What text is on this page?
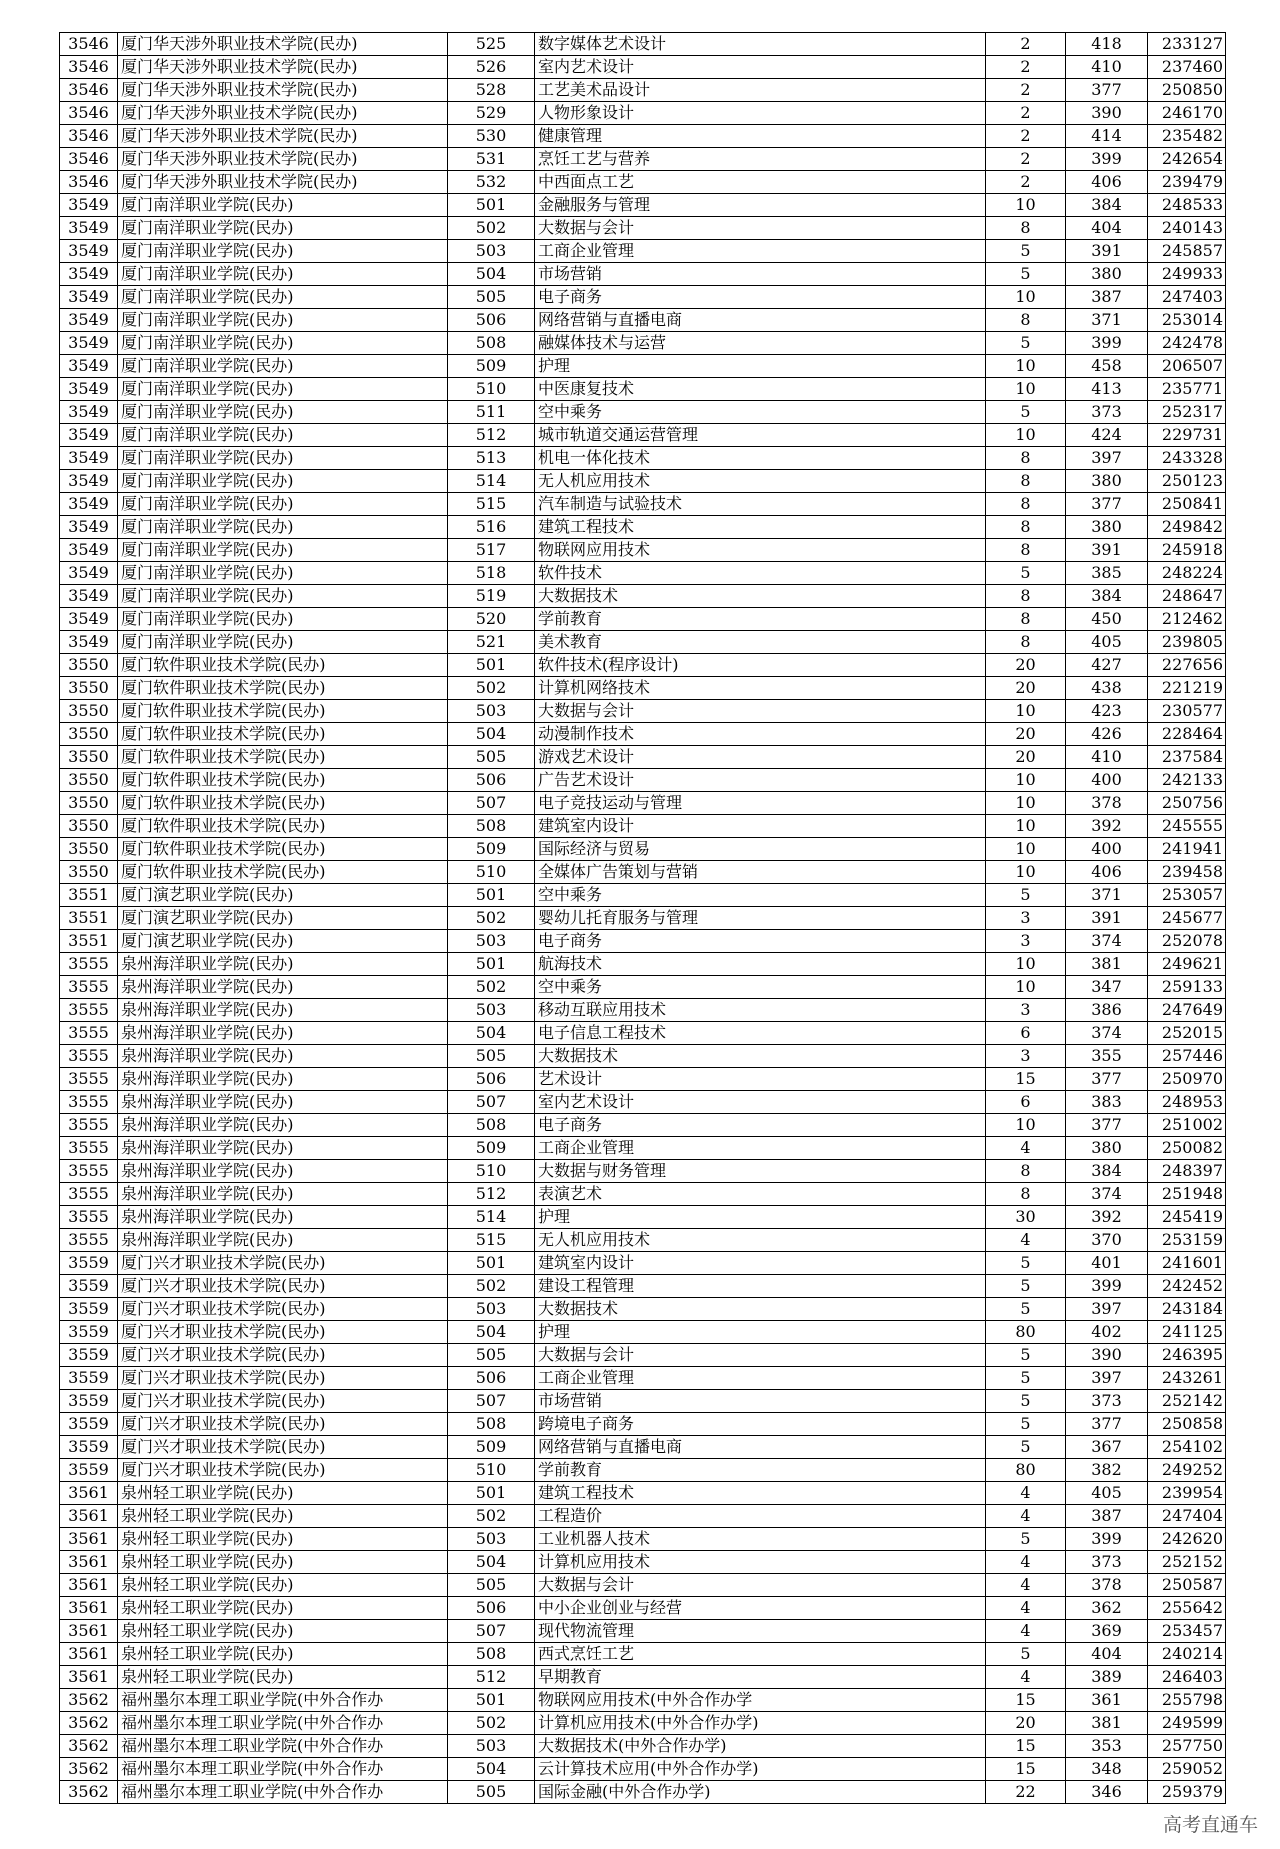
3546	厦门华天涉外职业技术学院(民办)	525	数字媒体艺术设计	2	418	233127
3546	厦门华天涉外职业技术学院(民办)	526	室内艺术设计	2	410	237460
3546	厦门华天涉外职业技术学院(民办)	528	工艺美术品设计	2	377	250850
3546	厦门华天涉外职业技术学院(民办)	529	人物形象设计	2	390	246170
3546	厦门华天涉外职业技术学院(民办)	530	健康管理	2	414	235482
3546	厦门华天涉外职业技术学院(民办)	531	烹饪工艺与营养	2	399	242654
3546	厦门华天涉外职业技术学院(民办)	532	中西面点工艺	2	406	239479
3549	厦门南洋职业学院(民办)	501	金融服务与管理	10	384	248533
3549	厦门南洋职业学院(民办)	502	大数据与会计	8	404	240143
3549	厦门南洋职业学院(民办)	503	工商企业管理	5	391	245857
3549	厦门南洋职业学院(民办)	504	市场营销	5	380	249933
3549	厦门南洋职业学院(民办)	505	电子商务	10	387	247403
3549	厦门南洋职业学院(民办)	506	网络营销与直播电商	8	371	253014
3549	厦门南洋职业学院(民办)	508	融媒体技术与运营	5	399	242478
3549	厦门南洋职业学院(民办)	509	护理	10	458	206507
3549	厦门南洋职业学院(民办)	510	中医康复技术	10	413	235771
3549	厦门南洋职业学院(民办)	511	空中乘务	5	373	252317
3549	厦门南洋职业学院(民办)	512	城市轨道交通运营管理	10	424	229731
3549	厦门南洋职业学院(民办)	513	机电一体化技术	8	397	243328
3549	厦门南洋职业学院(民办)	514	无人机应用技术	8	380	250123
3549	厦门南洋职业学院(民办)	515	汽车制造与试验技术	8	377	250841
3549	厦门南洋职业学院(民办)	516	建筑工程技术	8	380	249842
3549	厦门南洋职业学院(民办)	517	物联网应用技术	8	391	245918
3549	厦门南洋职业学院(民办)	518	软件技术	5	385	248224
3549	厦门南洋职业学院(民办)	519	大数据技术	8	384	248647
3549	厦门南洋职业学院(民办)	520	学前教育	8	450	212462
3549	厦门南洋职业学院(民办)	521	美术教育	8	405	239805
3550	厦门软件职业技术学院(民办)	501	软件技术(程序设计)	20	427	227656
3550	厦门软件职业技术学院(民办)	502	计算机网络技术	20	438	221219
3550	厦门软件职业技术学院(民办)	503	大数据与会计	10	423	230577
3550	厦门软件职业技术学院(民办)	504	动漫制作技术	20	426	228464
3550	厦门软件职业技术学院(民办)	505	游戏艺术设计	20	410	237584
3550	厦门软件职业技术学院(民办)	506	广告艺术设计	10	400	242133
3550	厦门软件职业技术学院(民办)	507	电子竞技运动与管理	10	378	250756
3550	厦门软件职业技术学院(民办)	508	建筑室内设计	10	392	245555
3550	厦门软件职业技术学院(民办)	509	国际经济与贸易	10	400	241941
3550	厦门软件职业技术学院(民办)	510	全媒体广告策划与营销	10	406	239458
3551	厦门演艺职业学院(民办)	501	空中乘务	5	371	253057
3551	厦门演艺职业学院(民办)	502	婴幼儿托育服务与管理	3	391	245677
3551	厦门演艺职业学院(民办)	503	电子商务	3	374	252078
3555	泉州海洋职业学院(民办)	501	航海技术	10	381	249621
3555	泉州海洋职业学院(民办)	502	空中乘务	10	347	259133
3555	泉州海洋职业学院(民办)	503	移动互联应用技术	3	386	247649
3555	泉州海洋职业学院(民办)	504	电子信息工程技术	6	374	252015
3555	泉州海洋职业学院(民办)	505	大数据技术	3	355	257446
3555	泉州海洋职业学院(民办)	506	艺术设计	15	377	250970
3555	泉州海洋职业学院(民办)	507	室内艺术设计	6	383	248953
3555	泉州海洋职业学院(民办)	508	电子商务	10	377	251002
3555	泉州海洋职业学院(民办)	509	工商企业管理	4	380	250082
3555	泉州海洋职业学院(民办)	510	大数据与财务管理	8	384	248397
3555	泉州海洋职业学院(民办)	512	表演艺术	8	374	251948
3555	泉州海洋职业学院(民办)	514	护理	30	392	245419
3555	泉州海洋职业学院(民办)	515	无人机应用技术	4	370	253159
3559	厦门兴才职业技术学院(民办)	501	建筑室内设计	5	401	241601
3559	厦门兴才职业技术学院(民办)	502	建设工程管理	5	399	242452
3559	厦门兴才职业技术学院(民办)	503	大数据技术	5	397	243184
3559	厦门兴才职业技术学院(民办)	504	护理	80	402	241125
3559	厦门兴才职业技术学院(民办)	505	大数据与会计	5	390	246395
3559	厦门兴才职业技术学院(民办)	506	工商企业管理	5	397	243261
3559	厦门兴才职业技术学院(民办)	507	市场营销	5	373	252142
3559	厦门兴才职业技术学院(民办)	508	跨境电子商务	5	377	250858
3559	厦门兴才职业技术学院(民办)	509	网络营销与直播电商	5	367	254102
3559	厦门兴才职业技术学院(民办)	510	学前教育	80	382	249252
3561	泉州轻工职业学院(民办)	501	建筑工程技术	4	405	239954
3561	泉州轻工职业学院(民办)	502	工程造价	4	387	247404
3561	泉州轻工职业学院(民办)	503	工业机器人技术	5	399	242620
3561	泉州轻工职业学院(民办)	504	计算机应用技术	4	373	252152
3561	泉州轻工职业学院(民办)	505	大数据与会计	4	378	250587
3561	泉州轻工职业学院(民办)	506	中小企业创业与经营	4	362	255642
3561	泉州轻工职业学院(民办)	507	现代物流管理	4	369	253457
3561	泉州轻工职业学院(民办)	508	西式烹饪工艺	5	404	240214
3561	泉州轻工职业学院(民办)	512	早期教育	4	389	246403
3562	福州墨尔本理工职业学院(中外合作办	501	物联网应用技术(中外合作办学	15	361	255798
3562	福州墨尔本理工职业学院(中外合作办	502	计算机应用技术(中外合作办学)	20	381	249599
3562	福州墨尔本理工职业学院(中外合作办	503	大数据技术(中外合作办学)	15	353	257750
3562	福州墨尔本理工职业学院(中外合作办	504	云计算技术应用(中外合作办学)	15	348	259052
3562	福州墨尔本理工职业学院(中外合作办	505	国际金融(中外合作办学)	22	346	259379
高考直通车
